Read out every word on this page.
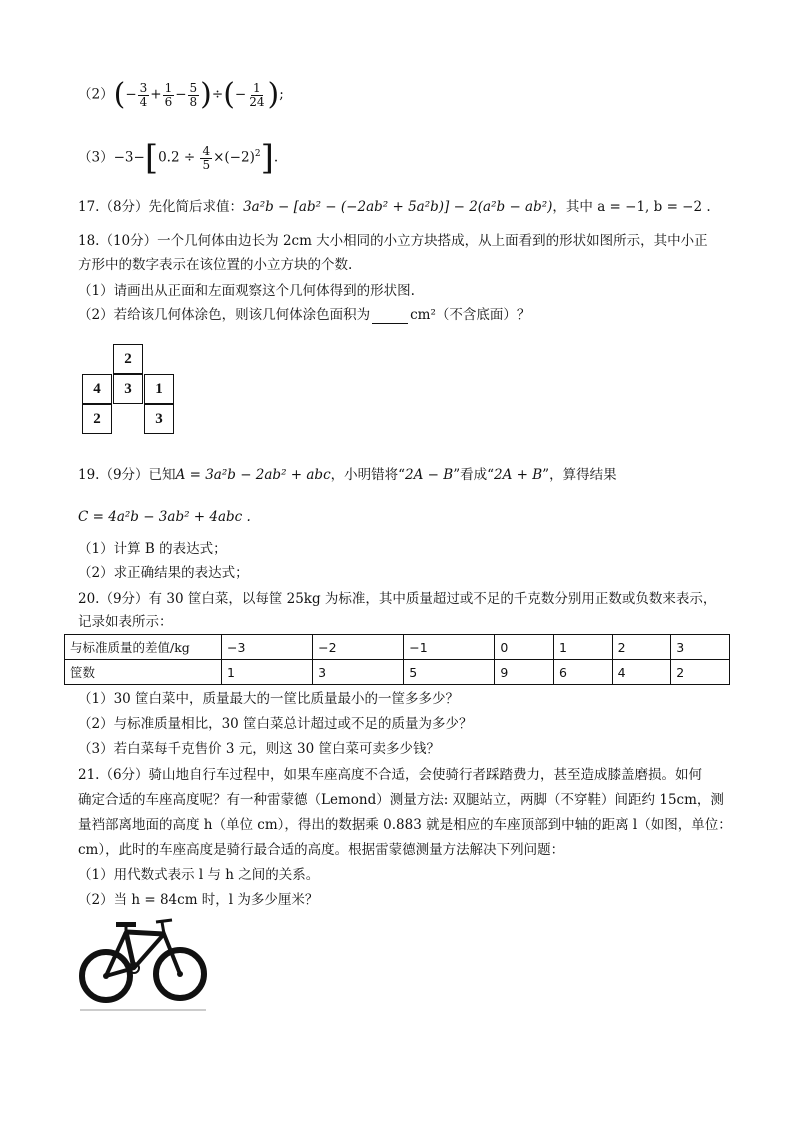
$(2)(- \frac{3}{4} + \frac{1}{6} - \frac{5}{8}$ )÷(− $\frac{1}{24}$ );
$(3)-3-[0.2 \div \frac{4}{5} \times(-2)^2]$.
17.（8分）先化简后求值：3a²b − [ab² − (−2ab² + 5a²b)] − 2(a²b − ab²)，其中 a = −1, b = −2 .
18.（10分）一个几何体由边长为 2cm 大小相同的小立方块搭成，从上面看到的形状如图所示，其中小正
方形中的数字表示在该位置的小立方块的个数.
（1）请画出从正面和左面观察这个几何体得到的形状图.
（2）若给该几何体涂色，则该几何体涂色面积为	cm²（不含底面）？
2
4	3	1
2	3
19.（9分）已知A = 3a²b − 2ab² + abc，小明错将“2A − B”看成“2A + B”，算得结果
C = 4a²b − 3ab² + 4abc .
（1）计算 B 的表达式；
（2）求正确结果的表达式；
20.（9分）有 30 筐白菜，以每筐 25kg 为标准，其中质量超过或不足的千克数分别用正数或负数来表示，
记录如表所示：
与标准质量的差值/kg	−3	−2	−1	0	1	2	3
筐数	1	3	5	9	6	4	2
（1）30 筐白菜中，质量最大的一筐比质量最小的一筐多多少？
（2）与标准质量相比，30 筐白菜总计超过或不足的质量为多少？
（3）若白菜每千克售价 3 元，则这 30 筐白菜可卖多少钱？
21.（6分）骑山地自行车过程中，如果车座高度不合适，会使骑行者踩踏费力，甚至造成膝盖磨损。如何
确定合适的车座高度呢？有一种雷蒙德（Lemond）测量方法: 双腿站立，两脚（不穿鞋）间距约 15cm，测
量裆部离地面的高度 h（单位 cm），得出的数据乘 0.883 就是相应的车座顶部到中轴的距离 l（如图，单位：
cm），此时的车座高度是骑行最合适的高度。根据雷蒙德测量方法解决下列问题：
（1）用代数式表示 l 与 h 之间的关系。
（2）当 h = 84cm 时，l 为多少厘米？
